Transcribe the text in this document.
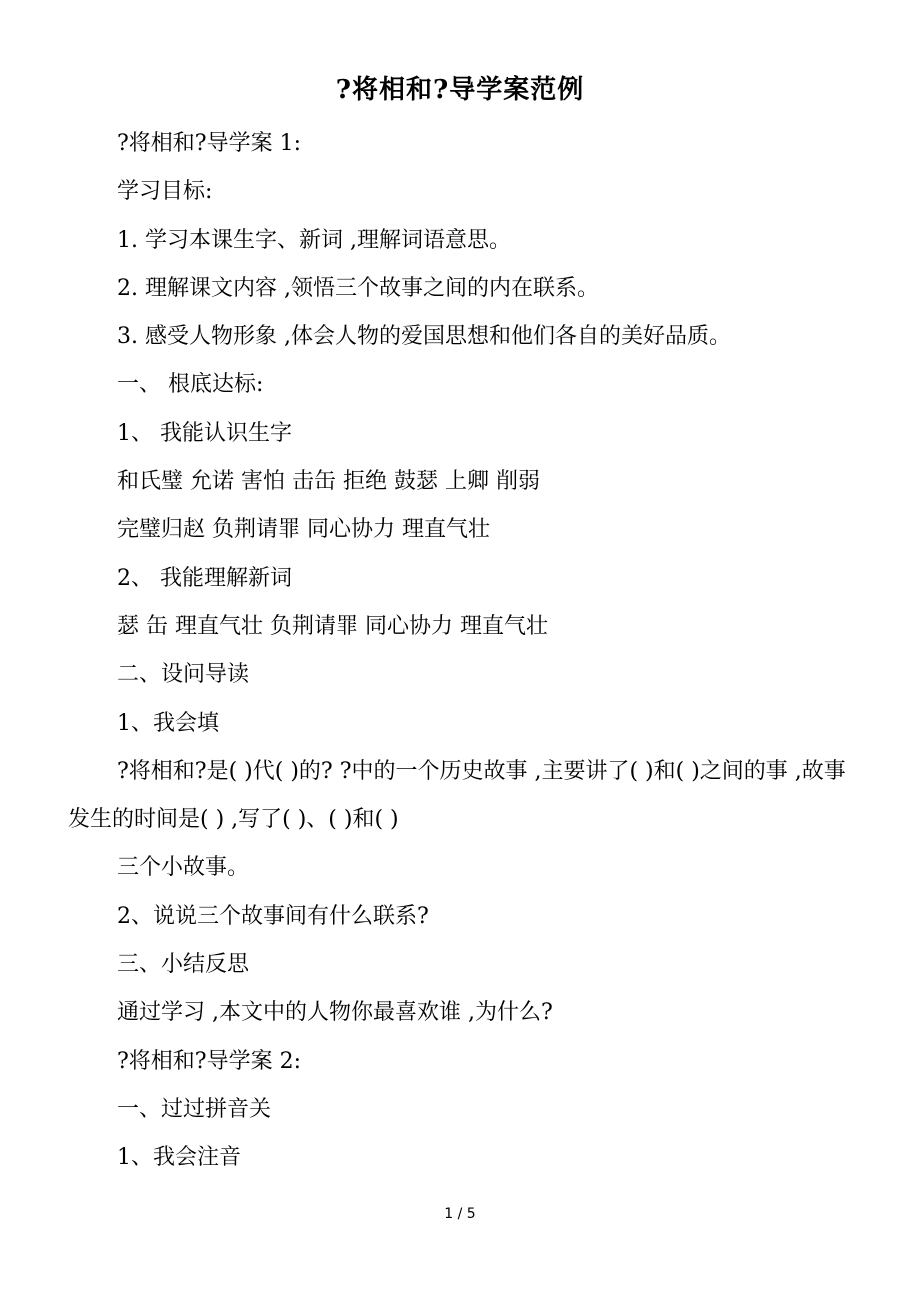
?将相和?导学案范例
?将相和?导学案 1:
学习目标:
1. 学习本课生字、新词 ,理解词语意思。
2. 理解课文内容 ,领悟三个故事之间的内在联系。
3. 感受人物形象 ,体会人物的爱国思想和他们各自的美好品质。
一、 根底达标:
1、 我能认识生字
和氏璧 允诺 害怕 击缶 拒绝 鼓瑟 上卿 削弱
完璧归赵 负荆请罪 同心协力 理直气壮
2、 我能理解新词
瑟 缶 理直气壮 负荆请罪 同心协力 理直气壮
二、设问导读
1、我会填
?将相和?是( )代( )的? ?中的一个历史故事 ,主要讲了( )和( )之间的事 ,故事发生的时间是( ) ,写了( )、( )和( )
三个小故事。
2、说说三个故事间有什么联系?
三、小结反思
通过学习 ,本文中的人物你最喜欢谁 ,为什么?
?将相和?导学案 2:
一、过过拼音关
1、我会注音
1 / 5
